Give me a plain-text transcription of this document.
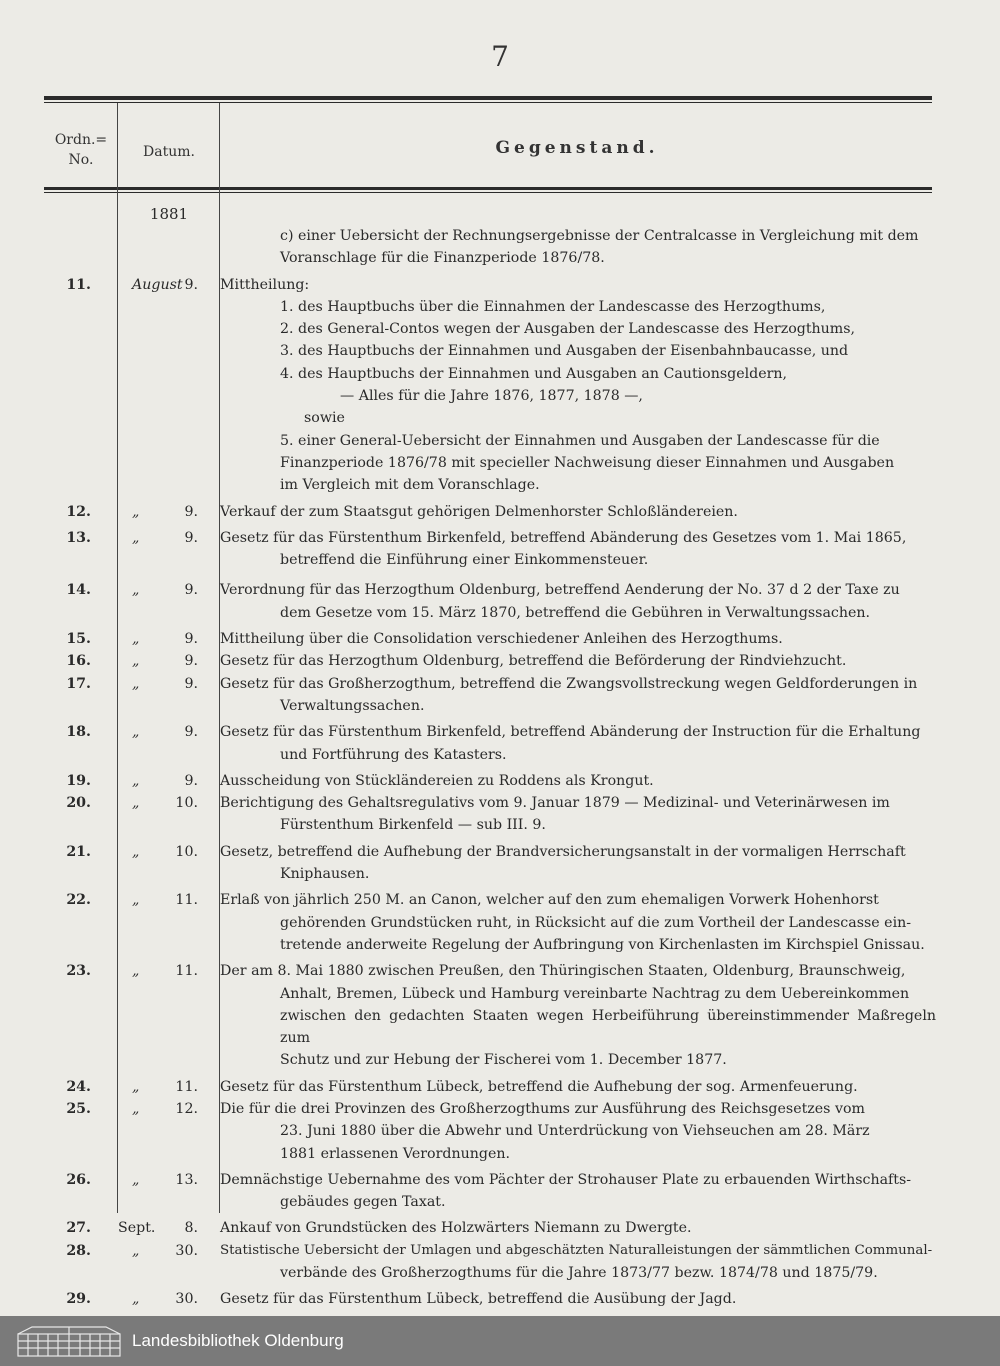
7
Ordn.=
No.	Datum.	Gegenstand.
1881
c) einer Uebersicht der Rechnungsergebnisse der Centralcasse in Vergleichung mit dem
Voranschlage für die Finanzperiode 1876/78.
11.	August 9. Mittheilung:
1. des Hauptbuchs über die Einnahmen der Landescasse des Herzogthums,
2. des General-Contos wegen der Ausgaben der Landescasse des Herzogthums,
3. des Hauptbuchs der Einnahmen und Ausgaben der Eisenbahnbaucasse, und
4. des Hauptbuchs der Einnahmen und Ausgaben an Cautionsgeldern,
— Alles für die Jahre 1876, 1877, 1878 —,
sowie
5. einer General-Uebersicht der Einnahmen und Ausgaben der Landescasse für die
Finanzperiode 1876/78 mit specieller Nachweisung dieser Einnahmen und Ausgaben
im Vergleich mit dem Voranschlage.
12.	„	9.	Verkauf der zum Staatsgut gehörigen Delmenhorster Schloßländereien.
13.	„	9. Gesetz für das Fürstenthum Birkenfeld, betreffend Abänderung des Gesetzes vom 1. Mai 1865,
betreffend die Einführung einer Einkommensteuer.
14.	„	9. Verordnung für das Herzogthum Oldenburg, betreffend Aenderung der No. 37 d 2 der Taxe zu
dem Gesetze vom 15. März 1870, betreffend die Gebühren in Verwaltungssachen.
15.	„	9.	Mittheilung über die Consolidation verschiedener Anleihen des Herzogthums.
16.	„	9.	Gesetz für das Herzogthum Oldenburg, betreffend die Beförderung der Rindviehzucht.
17.	„	9. Gesetz für das Großherzogthum, betreffend die Zwangsvollstreckung wegen Geldforderungen in
Verwaltungssachen.
18.	„	9. Gesetz für das Fürstenthum Birkenfeld, betreffend Abänderung der Instruction für die Erhaltung
und Fortführung des Katasters.
19.	„	9.	Ausscheidung von Stückländereien zu Roddens als Krongut.
20.	„	10. Berichtigung des Gehaltsregulativs vom 9. Januar 1879 — Medizinal- und Veterinärwesen im
Fürstenthum Birkenfeld — sub III. 9.
21.	„	10. Gesetz, betreffend die Aufhebung der Brandversicherungsanstalt in der vormaligen Herrschaft
Kniphausen.
22.	„	11. Erlaß von jährlich 250 M. an Canon, welcher auf den zum ehemaligen Vorwerk Hohenhorst
gehörenden Grundstücken ruht, in Rücksicht auf die zum Vortheil der Landescasse ein-
tretende anderweite Regelung der Aufbringung von Kirchenlasten im Kirchspiel Gnissau.
23.	„	11. Der am 8. Mai 1880 zwischen Preußen, den Thüringischen Staaten, Oldenburg, Braunschweig,
Anhalt, Bremen, Lübeck und Hamburg vereinbarte Nachtrag zu dem Uebereinkommen
zwischen den gedachten Staaten wegen Herbeiführung übereinstimmender Maßregeln zum
Schutz und zur Hebung der Fischerei vom 1. December 1877.
24.	„	11.	Gesetz für das Fürstenthum Lübeck, betreffend die Aufhebung der sog. Armenfeuerung.
25.	„	12. Die für die drei Provinzen des Großherzogthums zur Ausführung des Reichsgesetzes vom
23. Juni 1880 über die Abwehr und Unterdrückung von Viehseuchen am 28. März
1881 erlassenen Verordnungen.
26.	„	13. Demnächstige Uebernahme des vom Pächter der Strohauser Plate zu erbauenden Wirthschafts-
gebäudes gegen Taxat.
27.	Sept. 8.	Ankauf von Grundstücken des Holzwärters Niemann zu Dwergte.
28.	„	30. Statistische Uebersicht der Umlagen und abgeschätzten Naturalleistungen der sämmtlichen Communal-
verbände des Großherzogthums für die Jahre 1873/77 bezw. 1874/78 und 1875/79.
29.	„	30.	Gesetz für das Fürstenthum Lübeck, betreffend die Ausübung der Jagd.
Landesbibliothek Oldenburg
